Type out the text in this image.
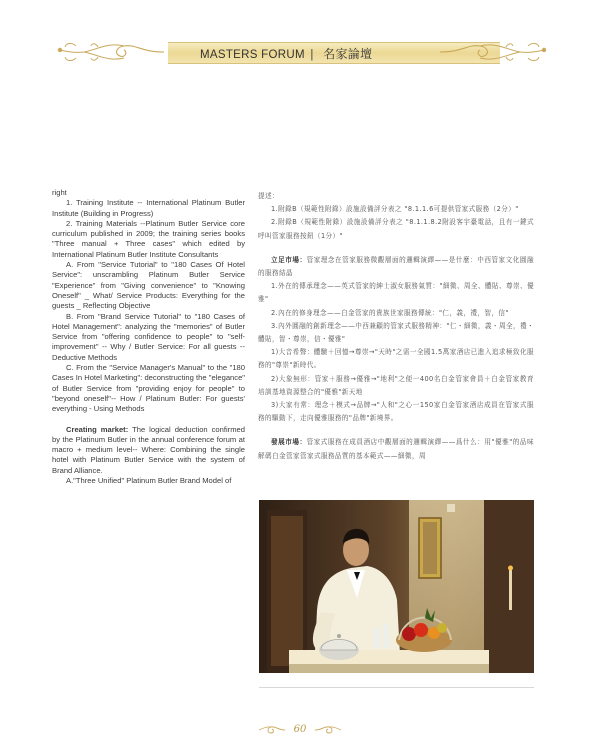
MASTERS FORUM | 名家論壇

right

1. Training Institute -- International Platinum Butler Institute (Building in Progress)

2. Training Materials --Platinum Butler Service core curriculum published in 2009; the training series books "Three manual + Three cases" which edited by International Platinum Butler Institute Consultants

A. From "Service Tutorial" to "180 Cases Of Hotel Service": unscrambling Platinum Butler Service "Experience" from "Giving convenience" to "Knowing Oneself" _ What/ Service Products: Everything for the guests _ Reflecting Objective

B. From "Brand Service Tutorial" to "180 Cases of Hotel Management": analyzing the "memories" of Butler Service from "offering confidence to people" to "self-improvement" -- Why / Butler Service: For all guests -- Deductive Methods

C. From the "Service Manager's Manual" to the "180 Cases In Hotel Marketing": deconstructing the "elegance" of Butler Service from "providing enjoy for people" to "beyond oneself"-- How / Platinum Butler: For guests' everything - Using Methods

Creating market: The logical deduction confirmed by the Platinum Butler in the annual conference forum at macro + medium level-- Where: Combining the single hotel with Platinum Butler Service with the system of Brand Alliance.

A."Three Unified" Platinum Butler Brand Model of

提述：

1.附錄B（規範性附錄）設施設備評分表之 "8.1.1.6可提供管家式服務（2分）"

2.附錄B（規範性附錄）設施設備評分表之 "8.1.1.8.2附設客宇臺電話，且有一鍵式呼叫管家服務按鈕（1分）"

立足市場：管家理念在管家服務微觀層面的邏輯演繹——是什麼：中西管家文化圓融的服務結晶

1.外在的傳承理念——英式管家的紳士淑女服務氣質："細微、周全、體貼、尊崇、優雅"

2.內在的修身理念——白金管家的貴族世家服務傳統："仁，義，禮，智，信"

3.內外圓融的創新理念——中西兼顧的管家式服務精神："仁・細微，義・周全，禮・體貼，智・尊崇，信・優雅"

1)大音希聲：體驗＋回憶→尊崇→"天時"之需一全國1.5萬家酒店已進入追求極致化服務的"尊崇"新時代。

2)大象無形：管家＋服務→優雅→"地利"之便一400名白金管家會員＋白金管家教育培訓基地資源整合的"優雅"新天地

3)大家有常：理念＋模式→品牌→"人和"之心一150家白金管家酒店成員在管家式服務的驅動下，走向優雅服務的"品牌"新境界。

發展市場：管家式服務在成員酒店中觀層面的邏輯演繹——爲什么：用"優雅"的品味解碼白金管家管家式服務品質的基本範式——細微，周

60
